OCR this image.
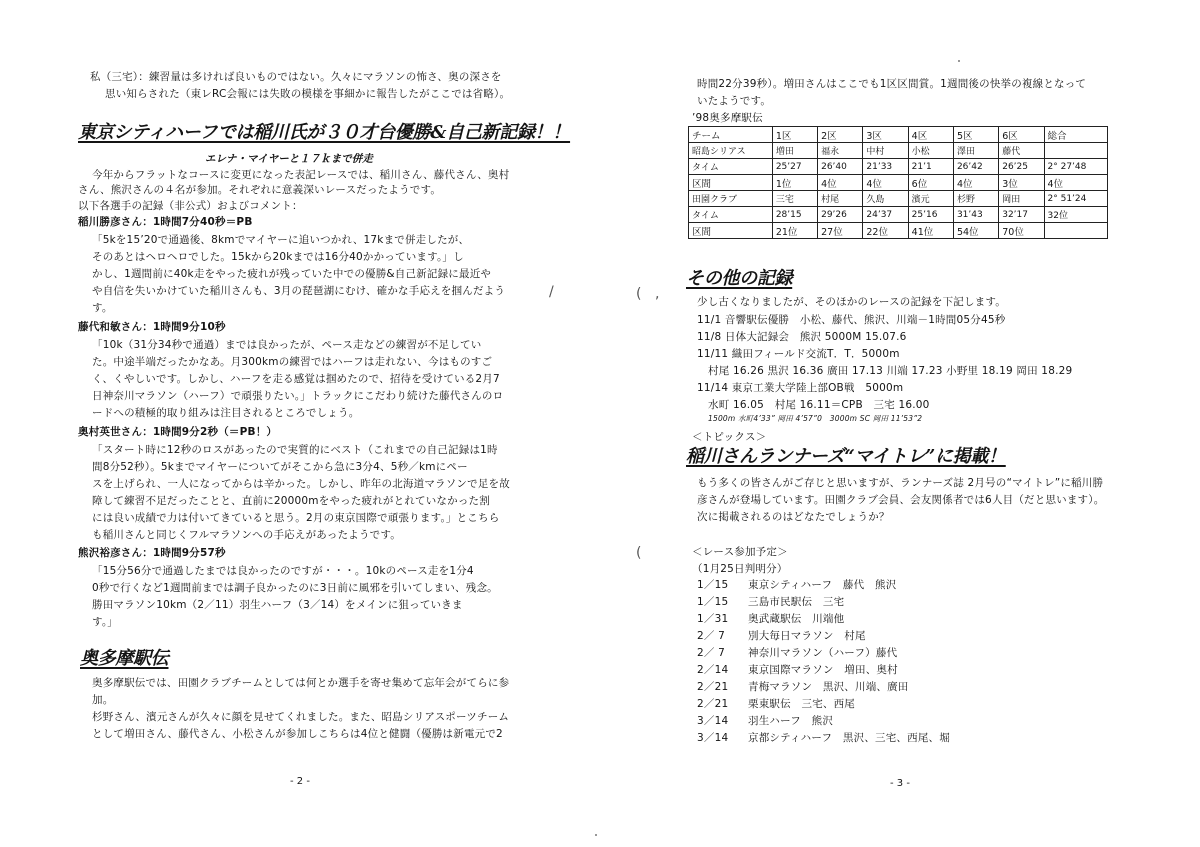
私（三宅）：練習量は多ければ良いものではない。久々にマラソンの怖さ、奥の深さを
思い知らされた（東レRC会報には失敗の模様を事細かに報告したがここでは省略）。
東京シティハーフでは稲川氏が３０才台優勝&自己新記録！！
エレナ・マイヤーと１７ｋまで併走
今年からフラットなコースに変更になった表記レースでは、稲川さん、藤代さん、奥村
さん、熊沢さんの４名が参加。それぞれに意義深いレースだったようです。
以下各選手の記録（非公式）およびコメント：
稲川勝彦さん：1時間7分40秒＝PB
「5kを15’20で通過後、8kmでマイヤーに追いつかれ、17kまで併走したが、
そのあとはヘロヘロでした。15kから20kまでは16分40かかっています。」し
かし、1週間前に40k走をやった疲れが残っていた中での優勝&自己新記録に最近や
や自信を失いかけていた稲川さんも、3月の琵琶湖にむけ、確かな手応えを掴んだよう
す。
藤代和敏さん：1時間9分10秒
「10k（31分34秒で通過）までは良かったが、ペース走などの練習が不足してい
た。中途半端だったかなあ。月300kmの練習ではハーフは走れない、今はものすご
く、くやしいです。しかし、ハーフを走る感覚は掴めたので、招待を受けている2月7
日神奈川マラソン（ハーフ）で頑張りたい。」トラックにこだわり続けた藤代さんのロ
ードへの積極的取り組みは注目されるところでしょう。
奥村英世さん：1時間9分2秒（＝PB！）
「スタート時に12秒のロスがあったので実質的にベスト（これまでの自己記録は1時
間8分52秒）。5kまでマイヤーについてがそこから急に3分4、5秒／kmにペー
スを上げられ、一人になってからは辛かった。しかし、昨年の北海道マラソンで足を故
障して練習不足だったことと、直前に20000mをやった疲れがとれていなかった割
には良い成績で力は付いてきていると思う。2月の東京国際で頑張ります。」とこちら
も稲川さんと同じくフルマラソンへの手応えがあったようです。
熊沢裕彦さん：1時間9分57秒
「15分56分で通過したまでは良かったのですが・・・。10kのペース走を1分4
0秒で行くなど1週間前までは調子良かったのに3日前に風邪を引いてしまい、残念。
勝田マラソン10km（2／11）羽生ハーフ（3／14）をメインに狙っていきま
す。」
奥多摩駅伝
奥多摩駅伝では、田園クラブチームとしては何とか選手を寄せ集めて忘年会がてらに参
加。
杉野さん、濱元さんが久々に顔を見せてくれました。また、昭島シリアスポーツチーム
として増田さん、藤代さん、小松さんが参加しこちらは4位と健闘（優勝は新電元で2
- 2 -
/	( ,
(
時間22分39秒）。増田さんはここでも1区区間賞。1週間後の快挙の複線となって
いたようです。
’98奥多摩駅伝
チーム	1区	2区	3区	4区	5区	6区	総合
昭島シリアス	増田	福永	中村	小松	澤田	藤代	
タイム	25’27	26’40	21’33	21’1	26’42	26’25	2° 27’48
区間	1位	4位	4位	6位	4位	3位	4位
田園クラブ	三宅	村尾	久島	濱元	杉野	岡田	2° 51’24
タイム	28’15	29’26	24’37	25’16	31’43	32’17	32位
区間	21位	27位	22位	41位	54位	70位	
その他の記録
少し古くなりましたが、そのほかのレースの記録を下記します。
11/1 音響駅伝優勝　小松、藤代、熊沢、川端－1時間05分45秒
11/8 日体大記録会　熊沢 5000M 15.07.6
11/11 織田フィールド交流T．T．5000m
村尾 16.26 黒沢 16.36 廣田 17.13 川端 17.23 小野里 18.19 岡田 18.29
11/14 東京工業大学陸上部OB戦　5000m
水町 16.05　村尾 16.11＝CPB　三宅 16.00
1500m 水町4’33” 岡田 4’57”0　3000m SC 岡田 11’53”2
＜トピックス＞
稲川さんランナーズ“マイトレ”に掲載！
もう多くの皆さんがご存じと思いますが、ランナーズ誌 2月号の“マイトレ”に稲川勝
彦さんが登場しています。田園クラブ会員、会友関係者では6人目（だと思います）。
次に掲載されるのはどなたでしょうか？
＜レース参加予定＞
（1月25日判明分）
1／15 東京シティハーフ　藤代　熊沢
1／15 三島市民駅伝　三宅
1／31 奥武蔵駅伝　川端他
2／ 7 別大毎日マラソン　村尾
2／ 7 神奈川マラソン（ハーフ）藤代
2／14 東京国際マラソン　増田、奥村
2／21 青梅マラソン　黒沢、川端、廣田
2／21 栗東駅伝　三宅、西尾
3／14 羽生ハーフ　熊沢
3／14 京都シティハーフ　黒沢、三宅、西尾、堀
- 3 -
